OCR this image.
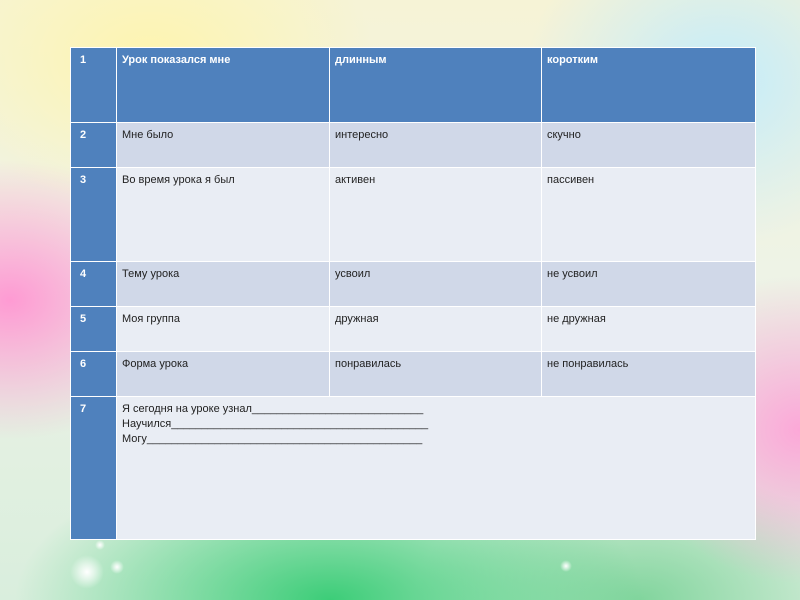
1	Урок показался мне	длинным	коротким
2	Мне было	интересно	скучно
3	Во время урока я был	активен	пассивен
4	Тему урока	усвоил	не усвоил
5	Моя группа	дружная	не дружная
6	Форма урока	понравилась	не понравилась
7	Я сегодня на уроке узнал____________________________
Научился__________________________________________
Могу_____________________________________________		
